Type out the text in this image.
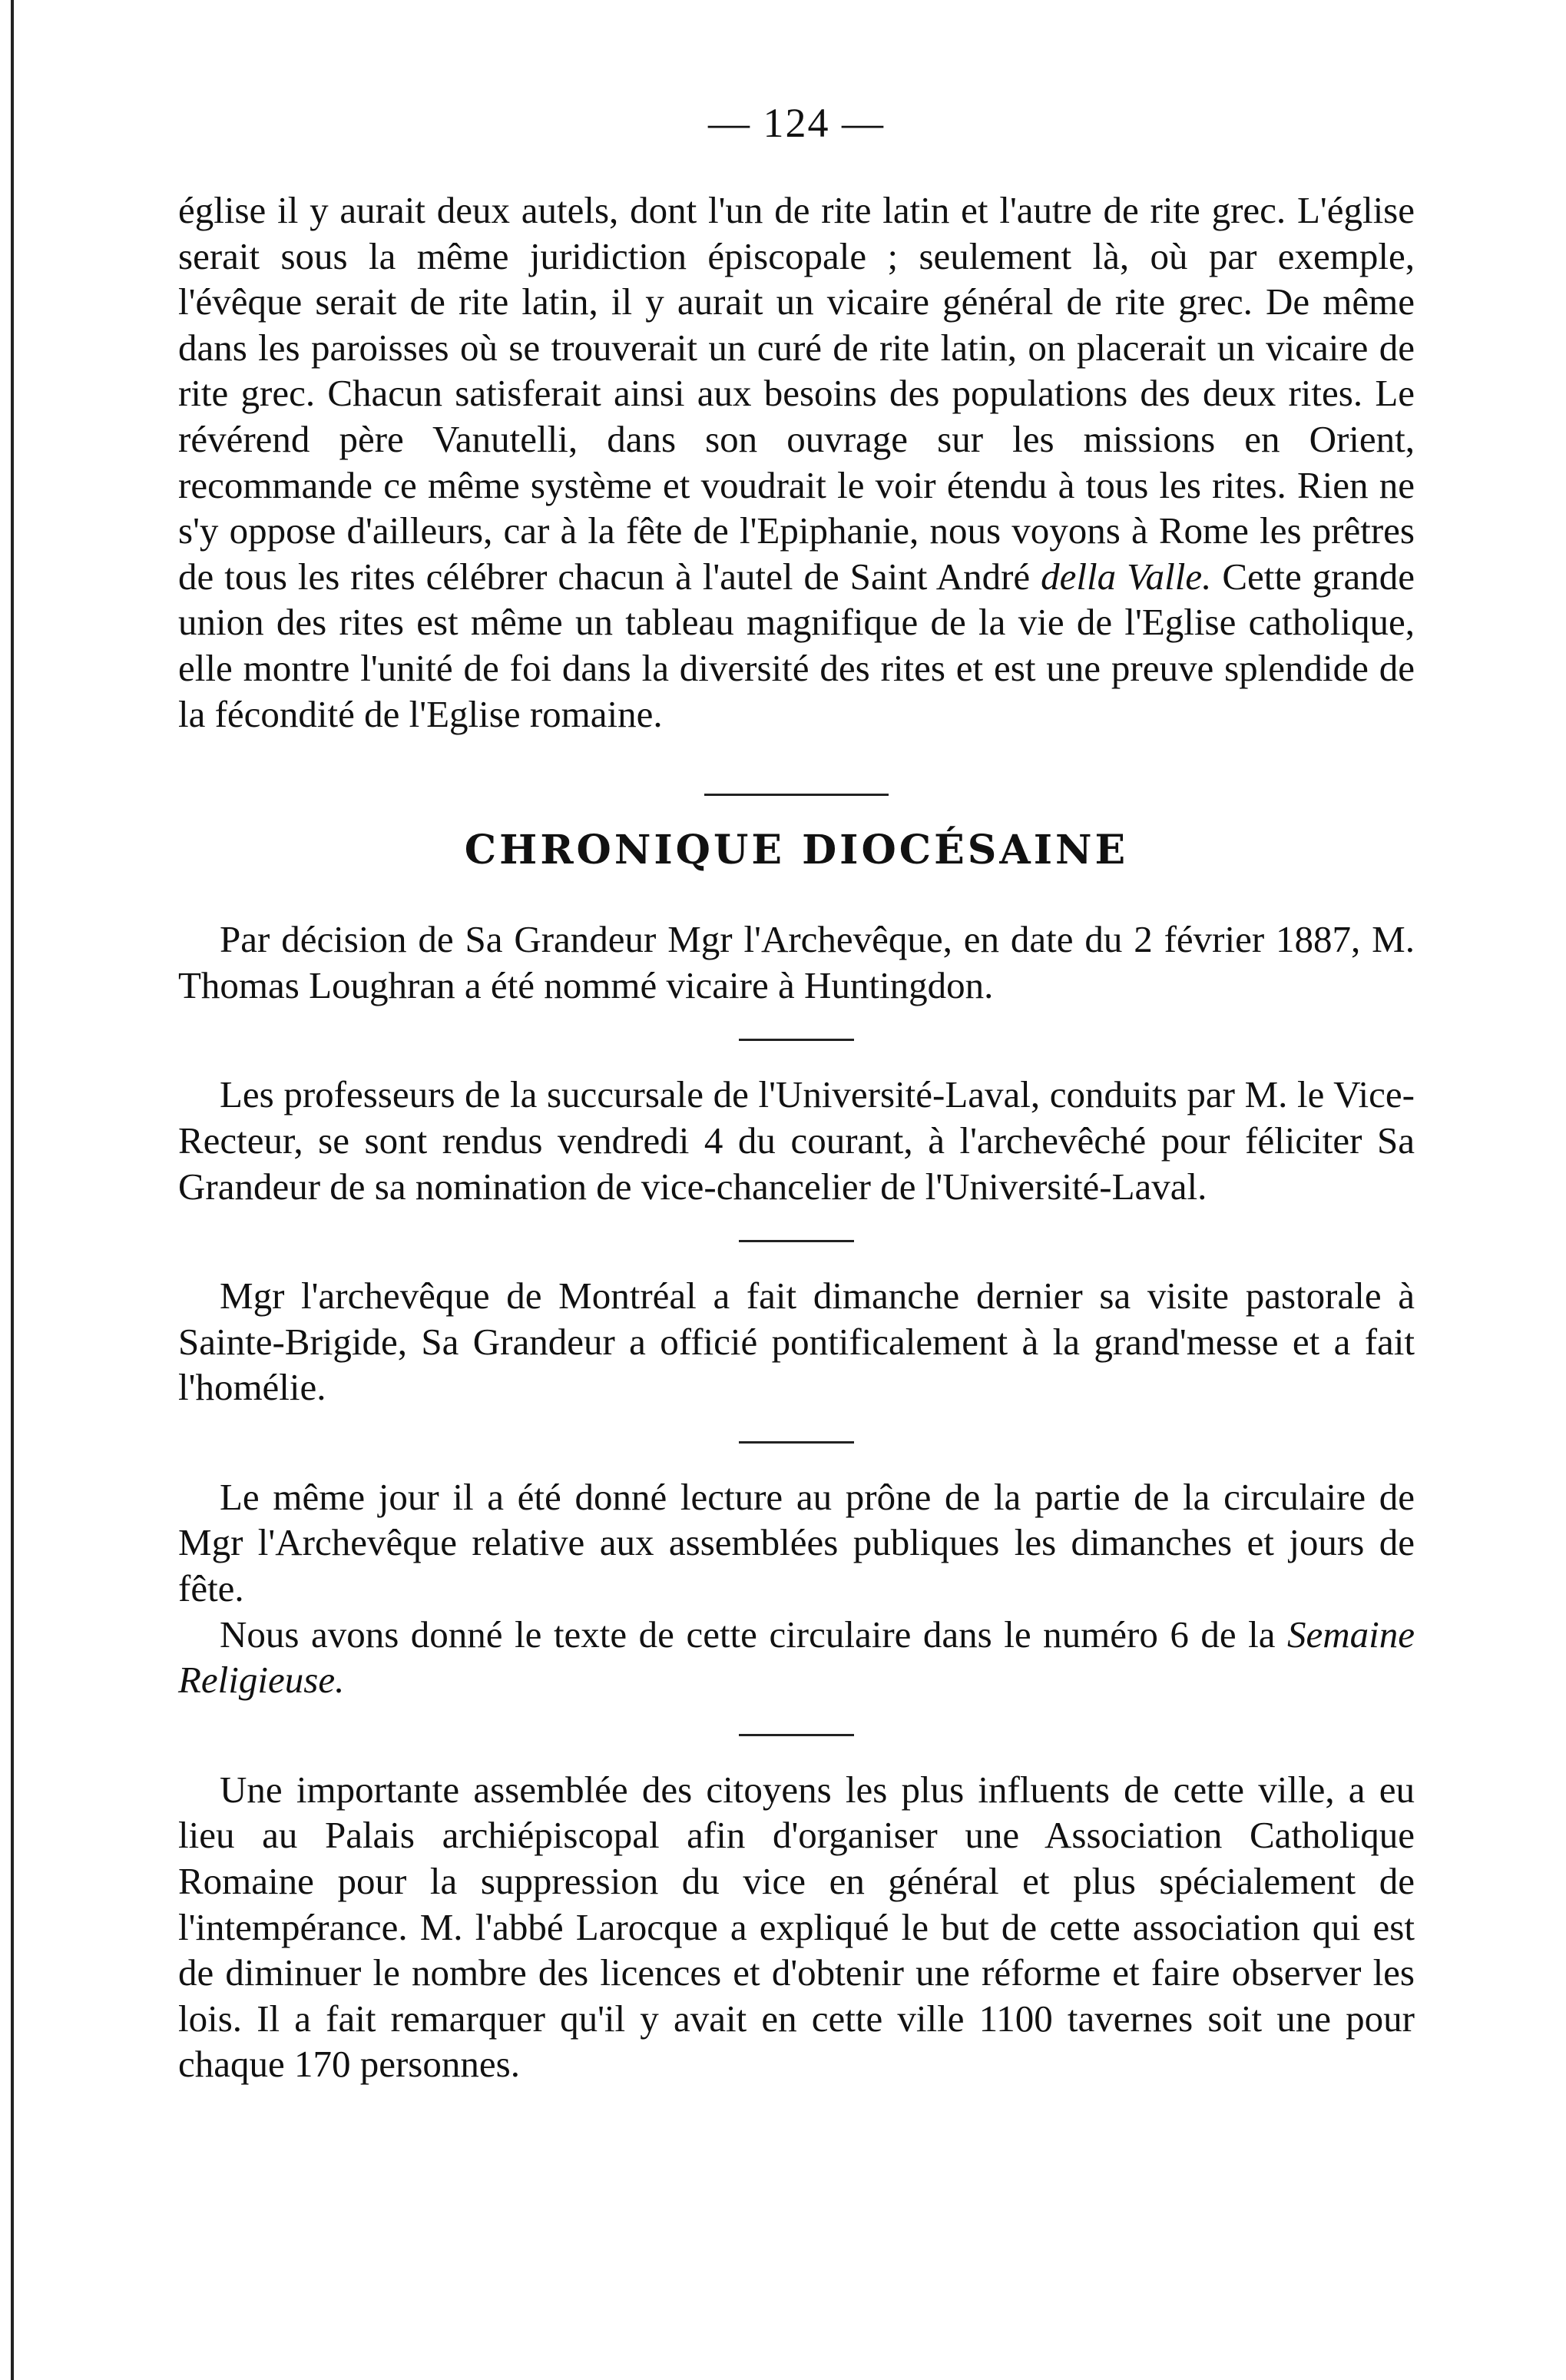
— 124 —

église il y aurait deux autels, dont l'un de rite latin et l'autre de rite grec. L'église serait sous la même juridiction épiscopale ; seulement là, où par exemple, l'évêque serait de rite latin, il y aurait un vicaire général de rite grec. De même dans les paroisses où se trouverait un curé de rite latin, on placerait un vicaire de rite grec. Chacun satisferait ainsi aux besoins des populations des deux rites. Le révérend père Vanutelli, dans son ouvrage sur les missions en Orient, recommande ce même système et voudrait le voir étendu à tous les rites. Rien ne s'y oppose d'ailleurs, car à la fête de l'Epiphanie, nous voyons à Rome les prêtres de tous les rites célébrer chacun à l'autel de Saint André della Valle. Cette grande union des rites est même un tableau magnifique de la vie de l'Eglise catholique, elle montre l'unité de foi dans la diversité des rites et est une preuve splendide de la fécondité de l'Eglise romaine.

CHRONIQUE DIOCÉSAINE

Par décision de Sa Grandeur Mgr l'Archevêque, en date du 2 février 1887, M. Thomas Loughran a été nommé vicaire à Huntingdon.

Les professeurs de la succursale de l'Université-Laval, conduits par M. le Vice-Recteur, se sont rendus vendredi 4 du courant, à l'archevêché pour féliciter Sa Grandeur de sa nomination de vice-chancelier de l'Université-Laval.

Mgr l'archevêque de Montréal a fait dimanche dernier sa visite pastorale à Sainte-Brigide, Sa Grandeur a officié pontificalement à la grand'messe et a fait l'homélie.

Le même jour il a été donné lecture au prône de la partie de la circulaire de Mgr l'Archevêque relative aux assemblées publiques les dimanches et jours de fête.

Nous avons donné le texte de cette circulaire dans le numéro 6 de la Semaine Religieuse.

Une importante assemblée des citoyens les plus influents de cette ville, a eu lieu au Palais archiépiscopal afin d'organiser une Association Catholique Romaine pour la suppression du vice en général et plus spécialement de l'intempérance. M. l'abbé Larocque a expliqué le but de cette association qui est de diminuer le nombre des licences et d'obtenir une réforme et faire observer les lois. Il a fait remarquer qu'il y avait en cette ville 1100 tavernes soit une pour chaque 170 personnes.
